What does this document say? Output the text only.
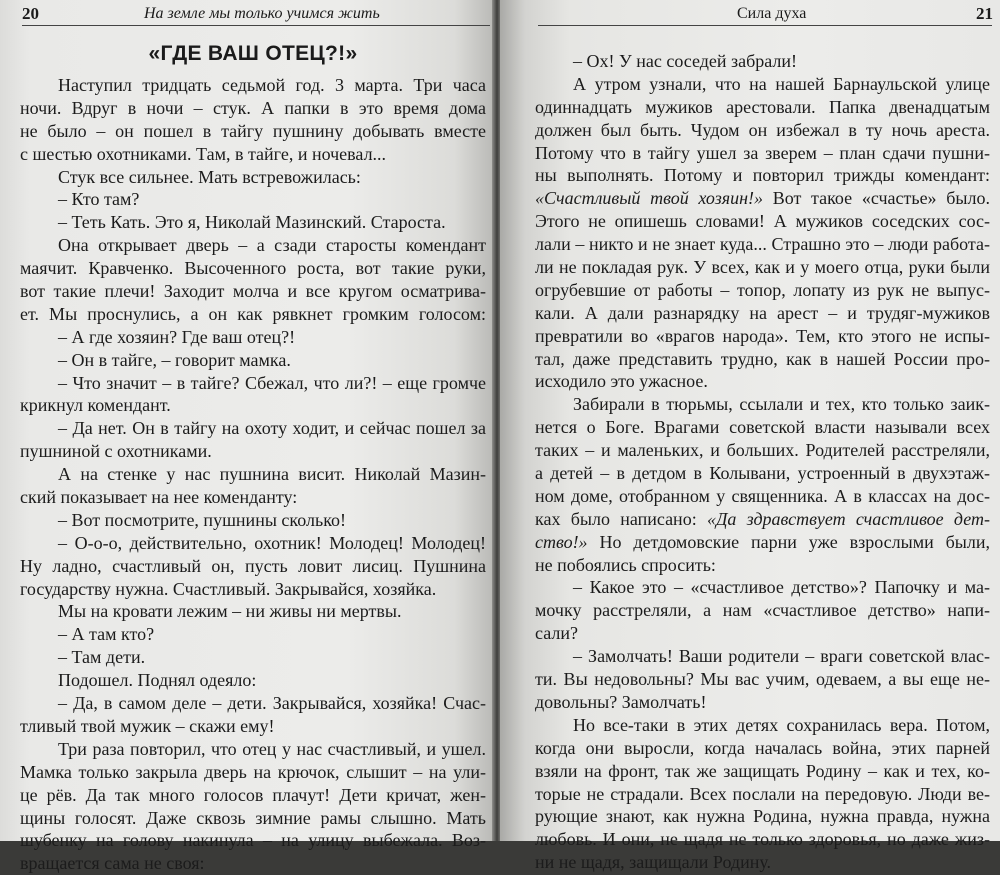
20	На земле мы только учимся жить
«ГДЕ ВАШ ОТЕЦ?!»
Наступил тридцать седьмой год. 3 марта. Три часа
ночи. Вдруг в ночи – стук. А папки в это время дома
не было – он пошел в тайгу пушнину добывать вместе
с шестью охотниками. Там, в тайге, и ночевал...
Стук все сильнее. Мать встревожилась:
– Кто там?
– Теть Кать. Это я, Николай Мазинский. Староста.
Она открывает дверь – а сзади старосты комендант
маячит. Кравченко. Высоченного роста, вот такие руки,
вот такие плечи! Заходит молча и все кругом осматрива-
ет. Мы проснулись, а он как рявкнет громким голосом:
– А где хозяин? Где ваш отец?!
– Он в тайге, – говорит мамка.
– Что значит – в тайге? Сбежал, что ли?! – еще громче
крикнул комендант.
– Да нет. Он в тайгу на охоту ходит, и сейчас пошел за
пушниной с охотниками.
А на стенке у нас пушнина висит. Николай Мазин-
ский показывает на нее коменданту:
– Вот посмотрите, пушнины сколько!
– О-о-о, действительно, охотник! Молодец! Молодец!
Ну ладно, счастливый он, пусть ловит лисиц. Пушнина
государству нужна. Счастливый. Закрывайся, хозяйка.
Мы на кровати лежим – ни живы ни мертвы.
– А там кто?
– Там дети.
Подошел. Поднял одеяло:
– Да, в самом деле – дети. Закрывайся, хозяйка! Счас-
тливый твой мужик – скажи ему!
Три раза повторил, что отец у нас счастливый, и ушел.
Мамка только закрыла дверь на крючок, слышит – на ули-
це рёв. Да так много голосов плачут! Дети кричат, жен-
щины голосят. Даже сквозь зимние рамы слышно. Мать
шубенку на голову накинула – на улицу выбежала. Воз-
вращается сама не своя:
Сила духа	21
– Ох! У нас соседей забрали!
А утром узнали, что на нашей Барнаульской улице
одиннадцать мужиков арестовали. Папка двенадцатым
должен был быть. Чудом он избежал в ту ночь ареста.
Потому что в тайгу ушел за зверем – план сдачи пушни-
ны выполнять. Потому и повторил трижды комендант:
«Счастливый твой хозяин!» Вот такое «счастье» было.
Этого не опишешь словами! А мужиков соседских сос-
лали – никто и не знает куда... Страшно это – люди работа-
ли не покладая рук. У всех, как и у моего отца, руки были
огрубевшие от работы – топор, лопату из рук не выпус-
кали. А дали разнарядку на арест – и трудяг-мужиков
превратили во «врагов народа». Тем, кто этого не испы-
тал, даже представить трудно, как в нашей России про-
исходило это ужасное.
Забирали в тюрьмы, ссылали и тех, кто только заик-
нется о Боге. Врагами советской власти называли всех
таких – и маленьких, и больших. Родителей расстреляли,
а детей – в детдом в Колывани, устроенный в двухэтаж-
ном доме, отобранном у священника. А в классах на дос-
ках было написано: «Да здравствует счастливое дет-
ство!» Но детдомовские парни уже взрослыми были,
не побоялись спросить:
– Какое это – «счастливое детство»? Папочку и ма-
мочку расстреляли, а нам «счастливое детство» напи-
сали?
– Замолчать! Ваши родители – враги советской влас-
ти. Вы недовольны? Мы вас учим, одеваем, а вы еще не-
довольны? Замолчать!
Но все-таки в этих детях сохранилась вера. Потом,
когда они выросли, когда началась война, этих парней
взяли на фронт, так же защищать Родину – как и тех, ко-
торые не страдали. Всех послали на передовую. Люди ве-
рующие знают, как нужна Родина, нужна правда, нужна
любовь. И они, не щадя не только здоровья, но даже жиз-
ни не щадя, защищали Родину.
